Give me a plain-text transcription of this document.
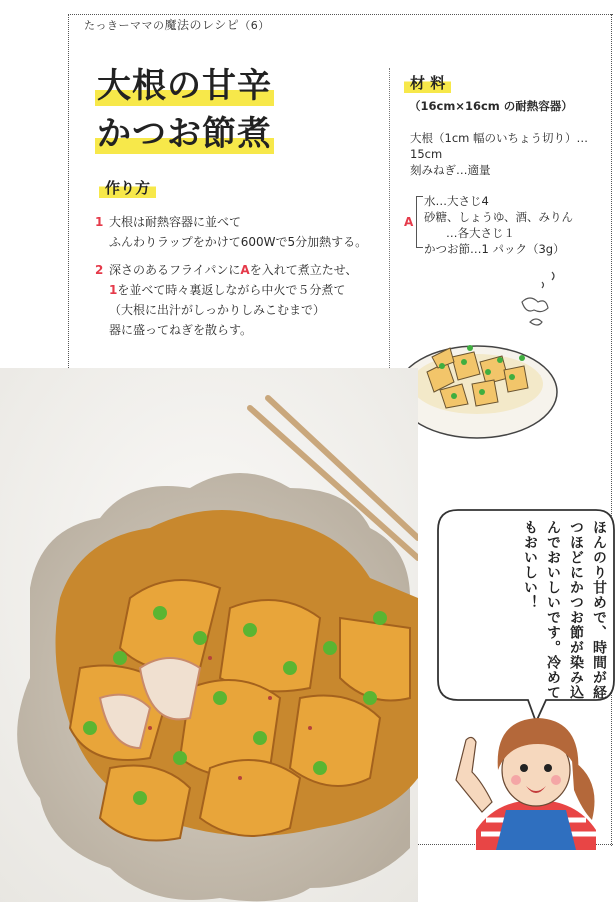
たっきーママの魔法のレシピ（6）
大根の甘辛
かつお節煮
作り方
1 大根は耐熱容器に並べて
ふんわりラップをかけて600Wで5分加熱する。
2 深さのあるフライパンにAを入れて煮立たせ、
1を並べて時々裏返しながら中火で５分煮て
（大根に出汁がしっかりしみこむまで）
器に盛ってねぎを散らす。
材 料
（16cm×16cm の耐熱容器）
大根（1cm 幅のいちょう切り）…
15cm
刻みねぎ…適量
A
水…大さじ4
砂糖、しょうゆ、酒、みりん
…各大さじ１
かつお節…1 パック（3g）
ほんのり甘めで、時間が経つほどにかつお節が染み込んでおいしいです。冷めてもおいしい！
